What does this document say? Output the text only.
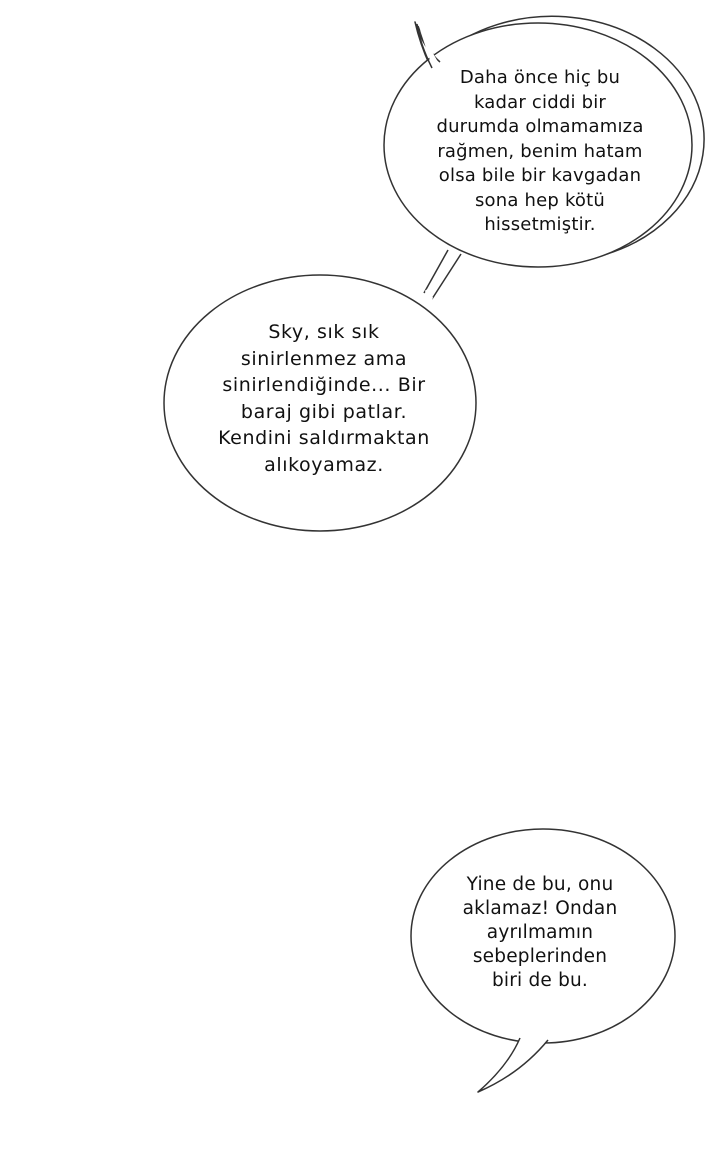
Daha önce hiç bu
kadar ciddi bir
durumda olmamamıza
rağmen, benim hatam
olsa bile bir kavgadan
sona hep kötü
hissetmiştir.
Sky, sık sık
sinirlenmez ama
sinirlendiğinde... Bir
baraj gibi patlar.
Kendini saldırmaktan
alıkoyamaz.
Yine de bu, onu
aklamaz! Ondan
ayrılmamın
sebeplerinden
biri de bu.
